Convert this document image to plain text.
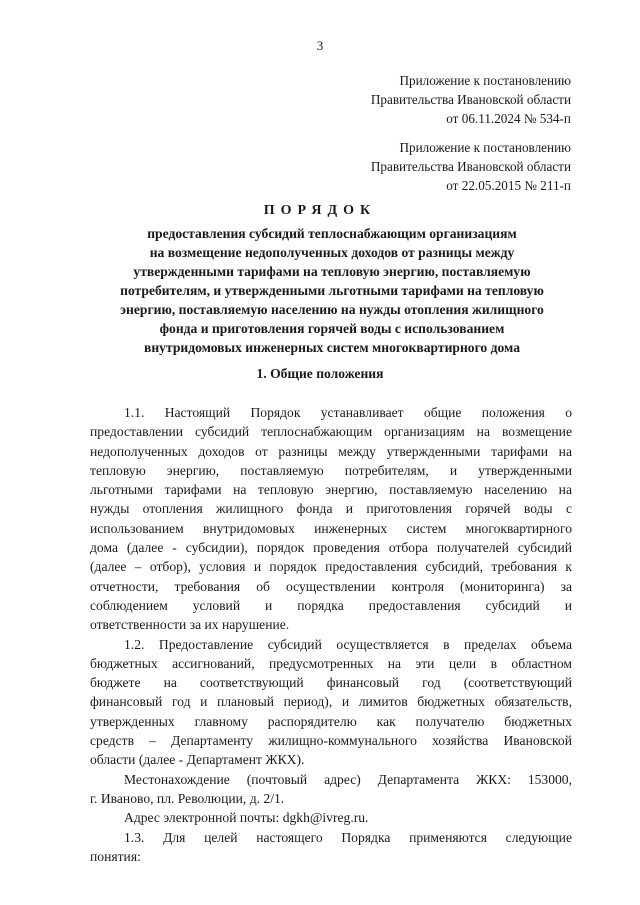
3
Приложение к постановлению
Правительства Ивановской области
от 06.11.2024 № 534-п
Приложение к постановлению
Правительства Ивановской области
от 22.05.2015 № 211-п
ПОРЯДОК
предоставления субсидий теплоснабжающим организациям
на возмещение недополученных доходов от разницы между
утвержденными тарифами на тепловую энергию, поставляемую
потребителям, и утвержденными льготными тарифами на тепловую
энергию, поставляемую населению на нужды отопления жилищного
фонда и приготовления горячей воды с использованием
внутридомовых инженерных систем многоквартирного дома
1. Общие положения
1.1. Настоящий Порядок устанавливает общие положения о
предоставлении субсидий теплоснабжающим организациям на возмещение
недополученных доходов от разницы между утвержденными тарифами на
тепловую энергию, поставляемую потребителям, и утвержденными
льготными тарифами на тепловую энергию, поставляемую населению на
нужды отопления жилищного фонда и приготовления горячей воды с
использованием внутридомовых инженерных систем многоквартирного
дома (далее - субсидии), порядок проведения отбора получателей субсидий
(далее – отбор), условия и порядок предоставления субсидий, требования к
отчетности, требования об осуществлении контроля (мониторинга) за
соблюдением условий и порядка предоставления субсидий и
ответственности за их нарушение.
1.2. Предоставление субсидий осуществляется в пределах объема
бюджетных ассигнований, предусмотренных на эти цели в областном
бюджете на соответствующий финансовый год (соответствующий
финансовый год и плановый период), и лимитов бюджетных обязательств,
утвержденных главному распорядителю как получателю бюджетных
средств – Департаменту жилищно-коммунального хозяйства Ивановской
области (далее - Департамент ЖКХ).
Местонахождение (почтовый адрес) Департамента ЖКХ: 153000,
г. Иваново, пл. Революции, д. 2/1.
Адрес электронной почты: dgkh@ivreg.ru.
1.3. Для целей настоящего Порядка применяются следующие
понятия:
